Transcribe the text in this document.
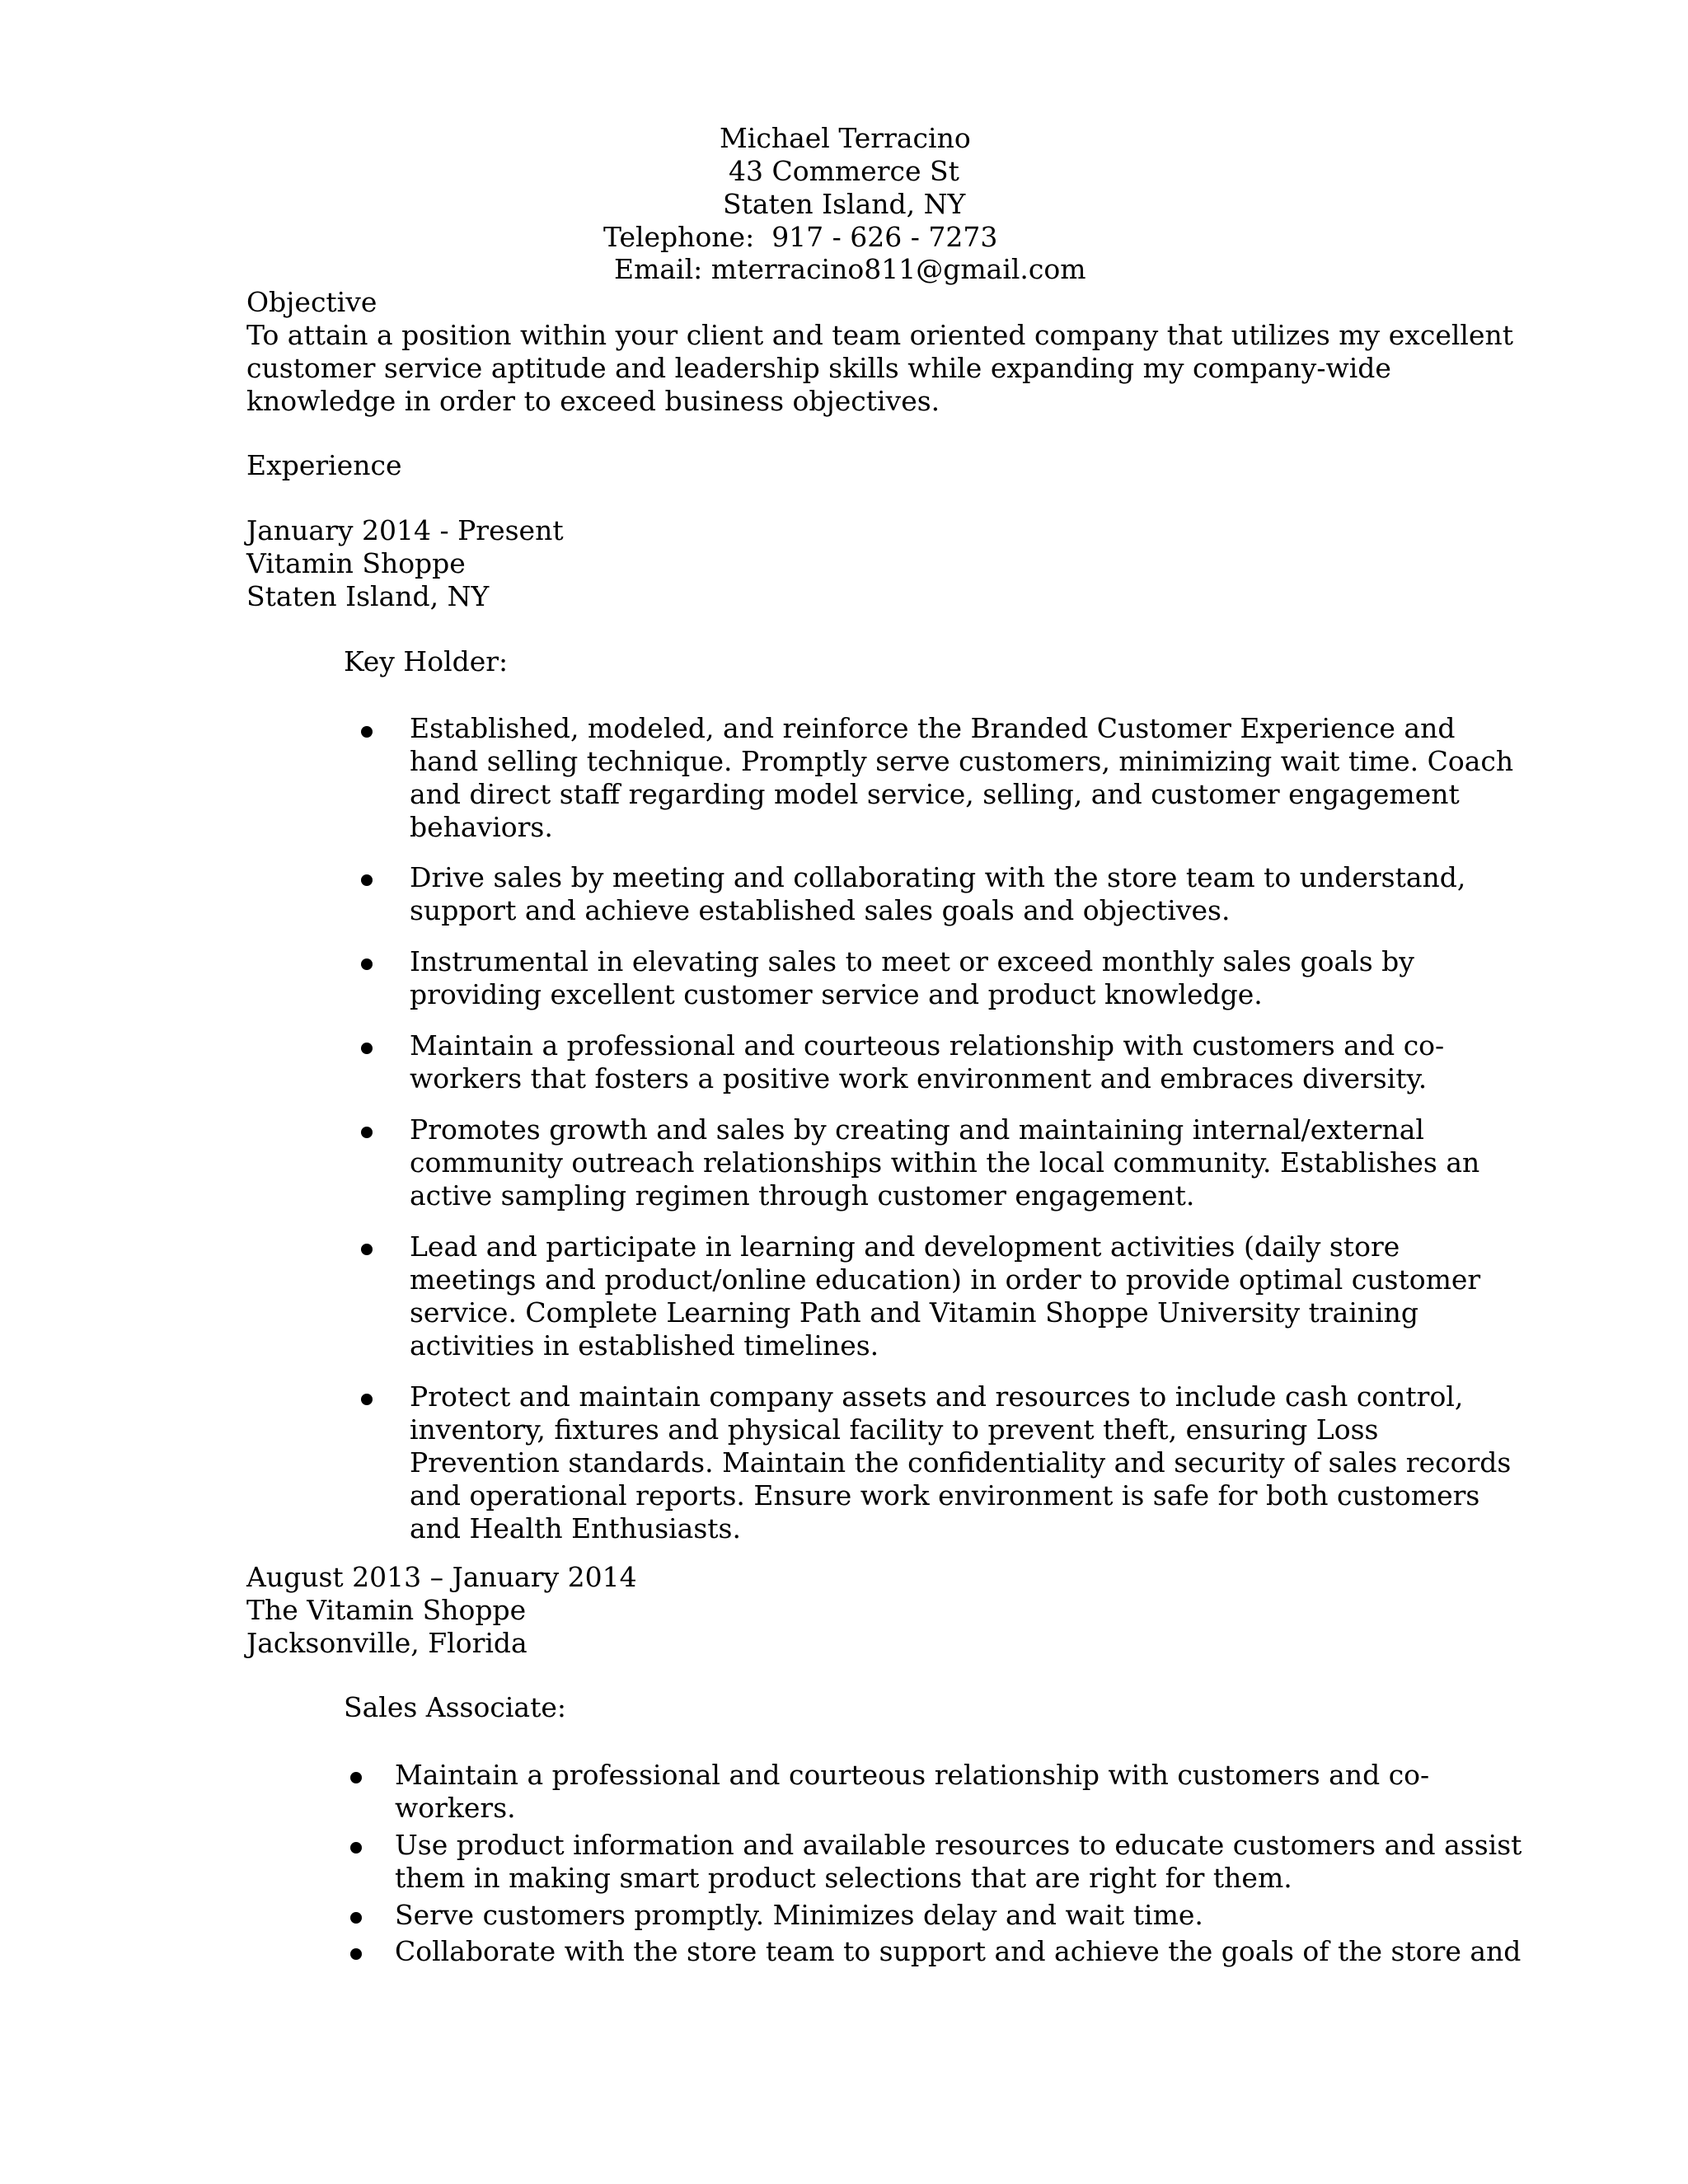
Michael Terracino
43 Commerce St
Staten Island, NY
Telephone:  917 - 626 - 7273
Email: mterracino811@gmail.com
Objective
To attain a position within your client and team oriented company that utilizes my excellent
customer service aptitude and leadership skills while expanding my company-wide
knowledge in order to exceed business objectives.
Experience
January 2014 - Present
Vitamin Shoppe
Staten Island, NY
Key Holder:
Established, modeled, and reinforce the Branded Customer Experience and
hand selling technique. Promptly serve customers, minimizing wait time. Coach
and direct staff regarding model service, selling, and customer engagement
behaviors.
Drive sales by meeting and collaborating with the store team to understand,
support and achieve established sales goals and objectives.
Instrumental in elevating sales to meet or exceed monthly sales goals by
providing excellent customer service and product knowledge.
Maintain a professional and courteous relationship with customers and co-
workers that fosters a positive work environment and embraces diversity.
Promotes growth and sales by creating and maintaining internal/external
community outreach relationships within the local community. Establishes an
active sampling regimen through customer engagement.
Lead and participate in learning and development activities (daily store
meetings and product/online education) in order to provide optimal customer
service. Complete Learning Path and Vitamin Shoppe University training
activities in established timelines.
Protect and maintain company assets and resources to include cash control,
inventory, fixtures and physical facility to prevent theft, ensuring Loss
Prevention standards. Maintain the confidentiality and security of sales records
and operational reports. Ensure work environment is safe for both customers
and Health Enthusiasts.
August 2013 – January 2014
The Vitamin Shoppe
Jacksonville, Florida
Sales Associate:
Maintain a professional and courteous relationship with customers and co-
workers.
Use product information and available resources to educate customers and assist
them in making smart product selections that are right for them.
Serve customers promptly. Minimizes delay and wait time.
Collaborate with the store team to support and achieve the goals of the store and
